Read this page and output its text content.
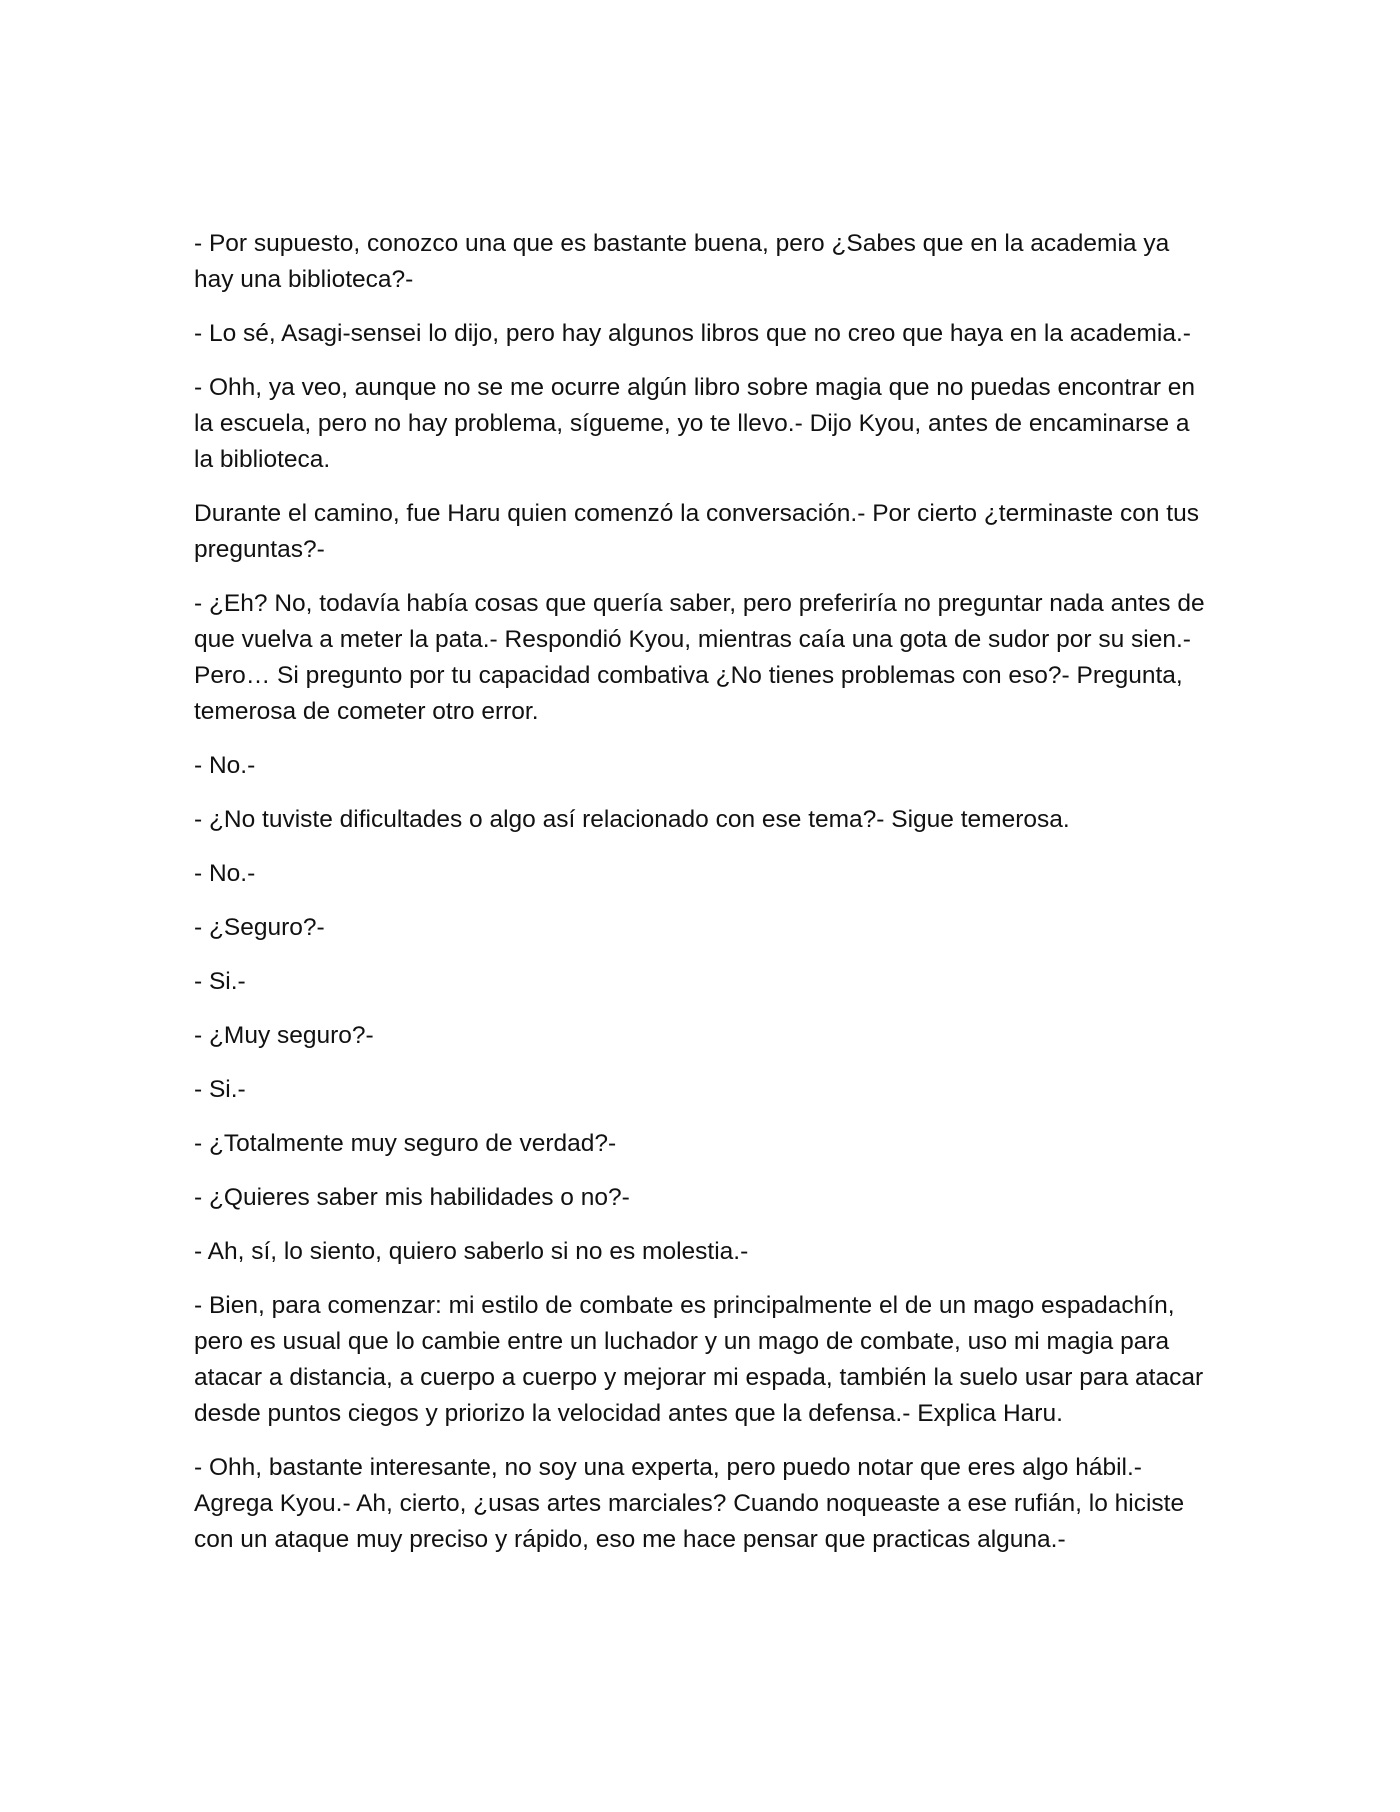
- Por supuesto, conozco una que es bastante buena, pero ¿Sabes que en la academia ya hay una biblioteca?-

- Lo sé, Asagi-sensei lo dijo, pero hay algunos libros que no creo que haya en la academia.-

- Ohh, ya veo, aunque no se me ocurre algún libro sobre magia que no puedas encontrar en la escuela, pero no hay problema, sígueme, yo te llevo.- Dijo Kyou, antes de encaminarse a la biblioteca.

Durante el camino, fue Haru quien comenzó la conversación.- Por cierto ¿terminaste con tus preguntas?-

- ¿Eh? No, todavía había cosas que quería saber, pero preferiría no preguntar nada antes de que vuelva a meter la pata.- Respondió Kyou, mientras caía una gota de sudor por su sien.- Pero… Si pregunto por tu capacidad combativa ¿No tienes problemas con eso?- Pregunta, temerosa de cometer otro error.

- No.-

- ¿No tuviste dificultades o algo así relacionado con ese tema?- Sigue temerosa.

- No.-

- ¿Seguro?-

- Si.-

- ¿Muy seguro?-

- Si.-

- ¿Totalmente muy seguro de verdad?-

- ¿Quieres saber mis habilidades o no?-

- Ah, sí, lo siento, quiero saberlo si no es molestia.-

- Bien, para comenzar: mi estilo de combate es principalmente el de un mago espadachín, pero es usual que lo cambie entre un luchador y un mago de combate, uso mi magia para atacar a distancia, a cuerpo a cuerpo y mejorar mi espada, también la suelo usar para atacar desde puntos ciegos y priorizo la velocidad antes que la defensa.- Explica Haru.

- Ohh, bastante interesante, no soy una experta, pero puedo notar que eres algo hábil.- Agrega Kyou.- Ah, cierto, ¿usas artes marciales? Cuando noqueaste a ese rufián, lo hiciste con un ataque muy preciso y rápido, eso me hace pensar que practicas alguna.-
